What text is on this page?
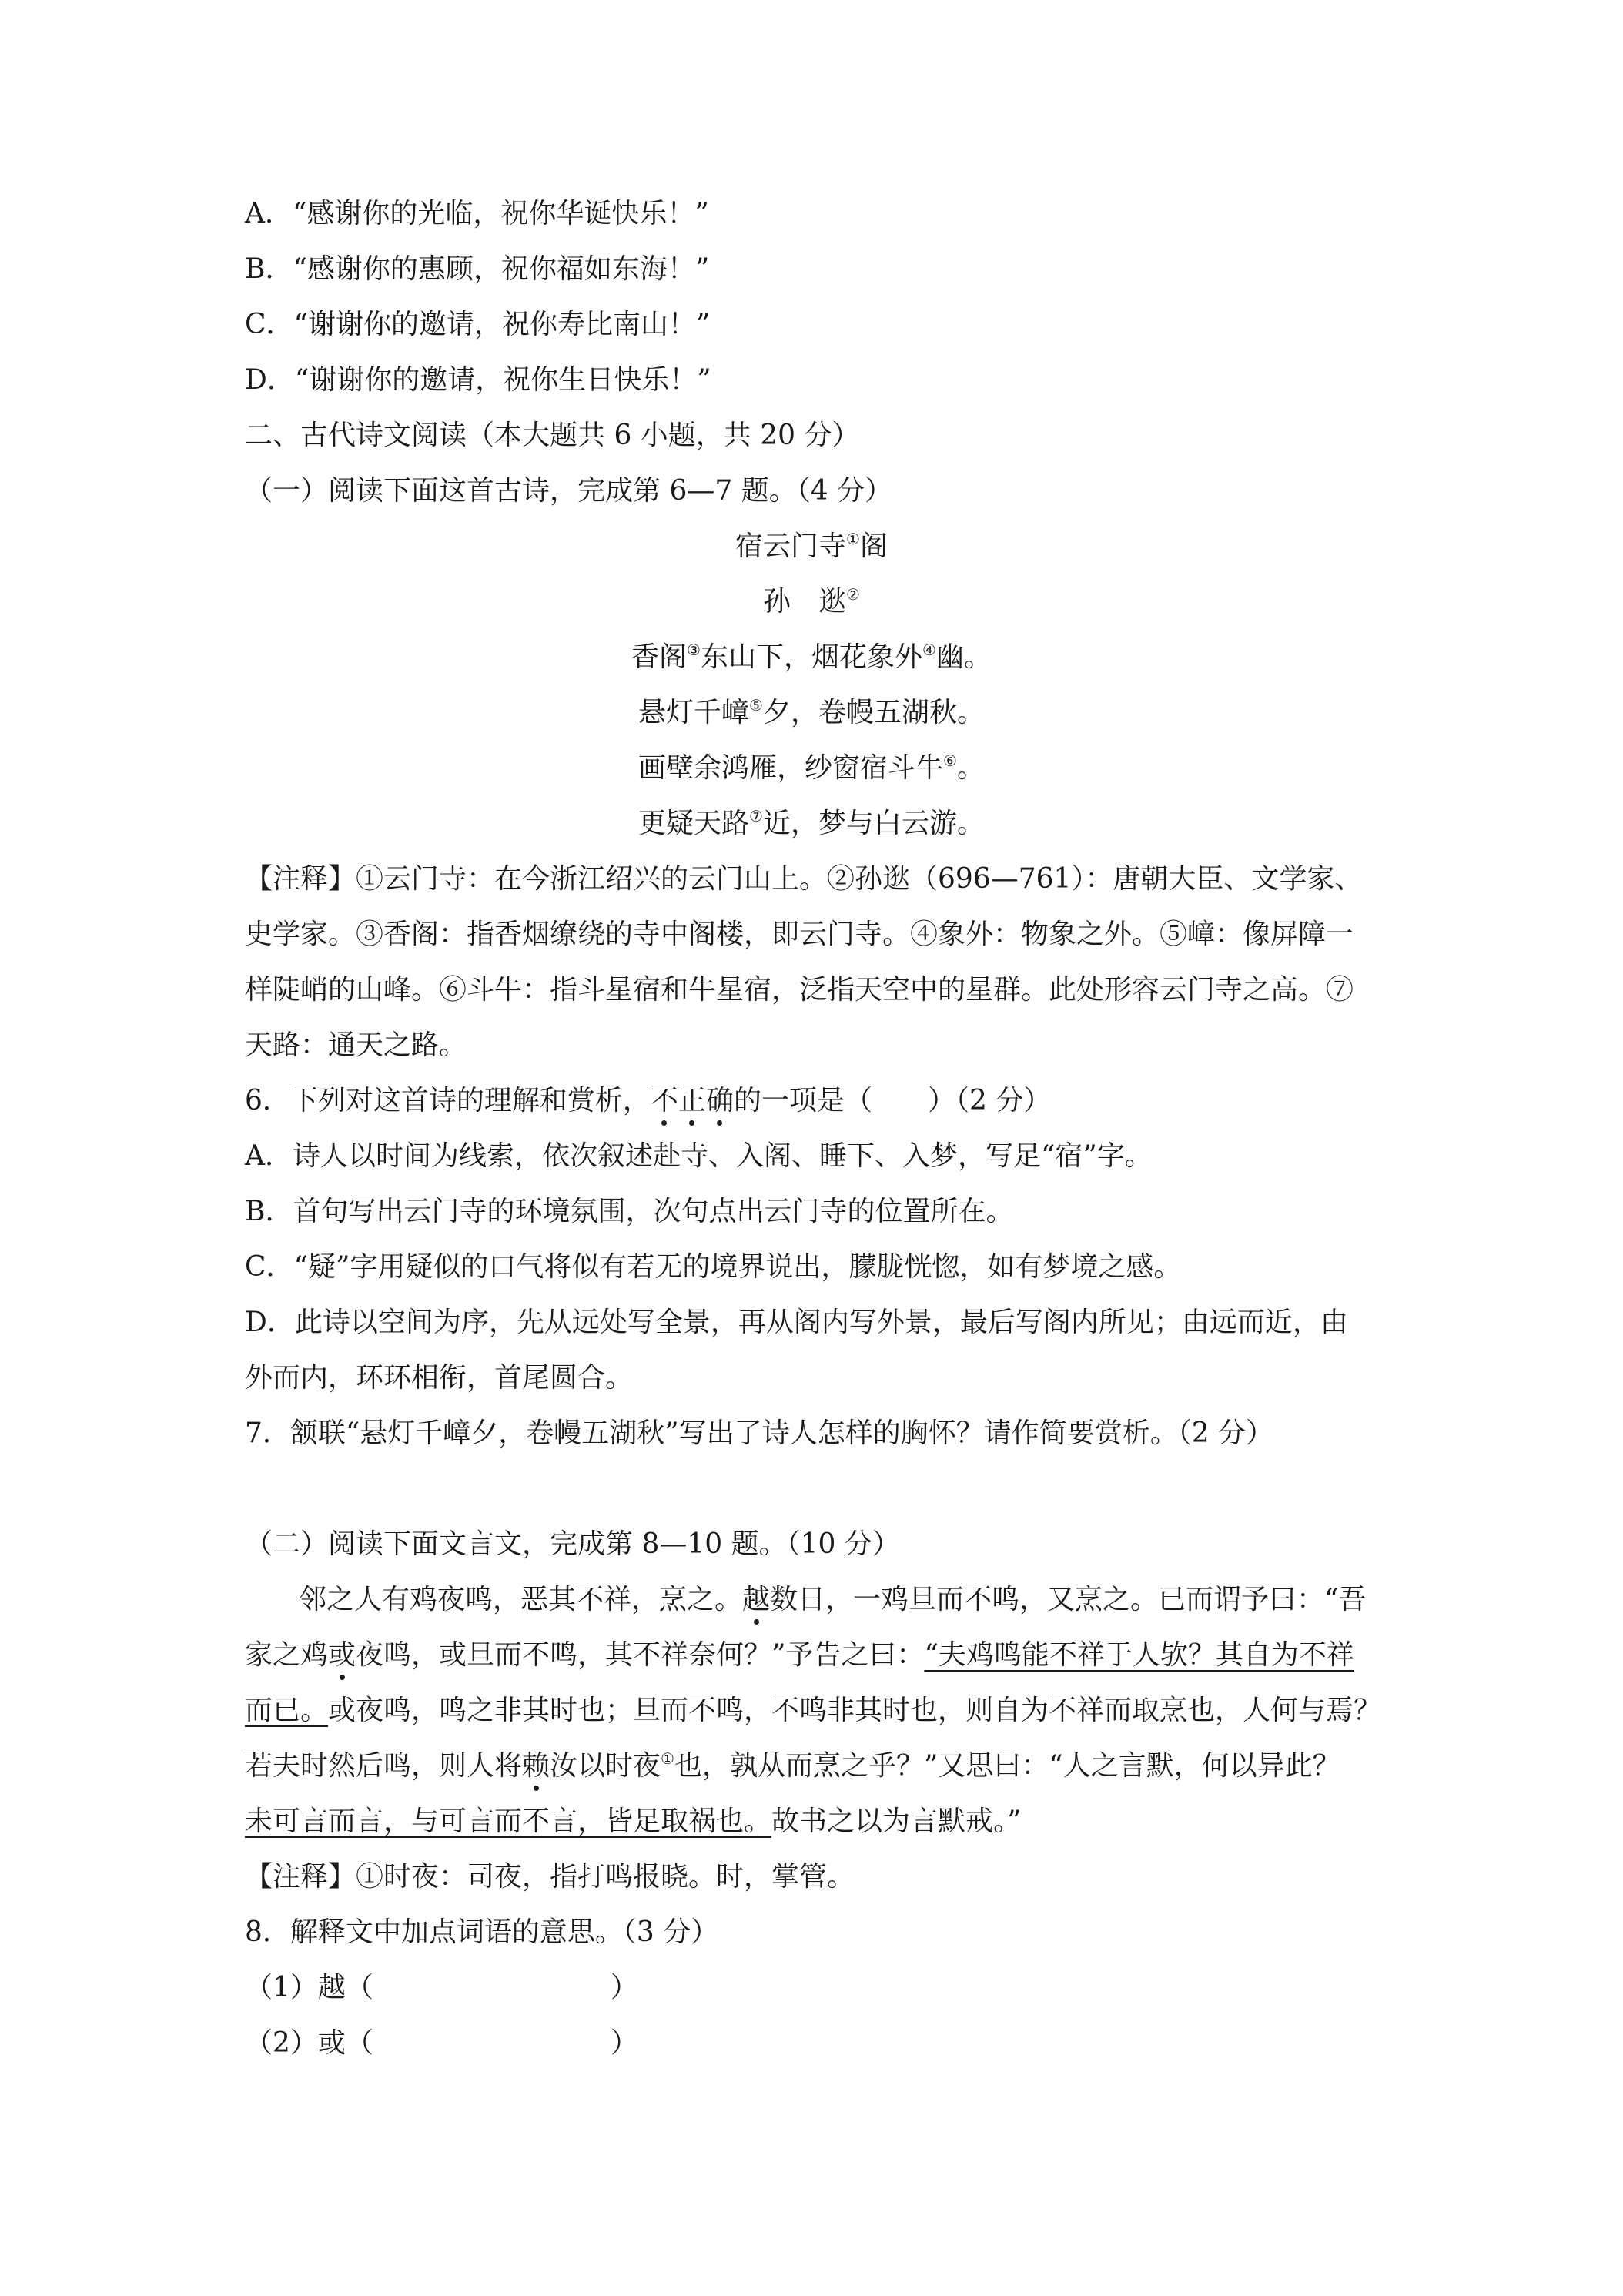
A．“感谢你的光临，祝你华诞快乐！”
B．“感谢你的惠顾，祝你福如东海！”
C．“谢谢你的邀请，祝你寿比南山！”
D．“谢谢你的邀请，祝你生日快乐！”
二、古代诗文阅读（本大题共 6 小题，共 20 分）
（一）阅读下面这首古诗，完成第 6—7 题。（4 分）
宿云门寺①阁
孙　逖②
香阁③东山下，烟花象外④幽。
悬灯千嶂⑤夕，卷幔五湖秋。
画壁余鸿雁，纱窗宿斗牛⑥。
更疑天路⑦近，梦与白云游。
【注释】①云门寺：在今浙江绍兴的云门山上。②孙逖（696—761）：唐朝大臣、文学家、
史学家。③香阁：指香烟缭绕的寺中阁楼，即云门寺。④象外：物象之外。⑤嶂：像屏障一
样陡峭的山峰。⑥斗牛：指斗星宿和牛星宿，泛指天空中的星群。此处形容云门寺之高。⑦
天路：通天之路。
6．下列对这首诗的理解和赏析，不正确的一项是（　　）（2 分）
A．诗人以时间为线索，依次叙述赴寺、入阁、睡下、入梦，写足“宿”字。
B．首句写出云门寺的环境氛围，次句点出云门寺的位置所在。
C．“疑”字用疑似的口气将似有若无的境界说出，朦胧恍惚，如有梦境之感。
D．此诗以空间为序，先从远处写全景，再从阁内写外景，最后写阁内所见；由远而近，由
外而内，环环相衔，首尾圆合。
7．颔联“悬灯千嶂夕，卷幔五湖秋”写出了诗人怎样的胸怀？请作简要赏析。（2 分）
（二）阅读下面文言文，完成第 8—10 题。（10 分）
邻之人有鸡夜鸣，恶其不祥，烹之。越数日，一鸡旦而不鸣，又烹之。已而谓予曰：“吾
家之鸡或夜鸣，或旦而不鸣，其不祥奈何？”予告之曰：“夫鸡鸣能不祥于人欤？其自为不祥
而已。或夜鸣，鸣之非其时也；旦而不鸣，不鸣非其时也，则自为不祥而取烹也，人何与焉？
若夫时然后鸣，则人将赖汝以时夜①也，孰从而烹之乎？”又思曰：“人之言默，何以异此？
未可言而言，与可言而不言，皆足取祸也。故书之以为言默戒。”
【注释】①时夜：司夜，指打鸣报晓。时，掌管。
8．解释文中加点词语的意思。（3 分）
（1）越（	）
（2）或（	）
